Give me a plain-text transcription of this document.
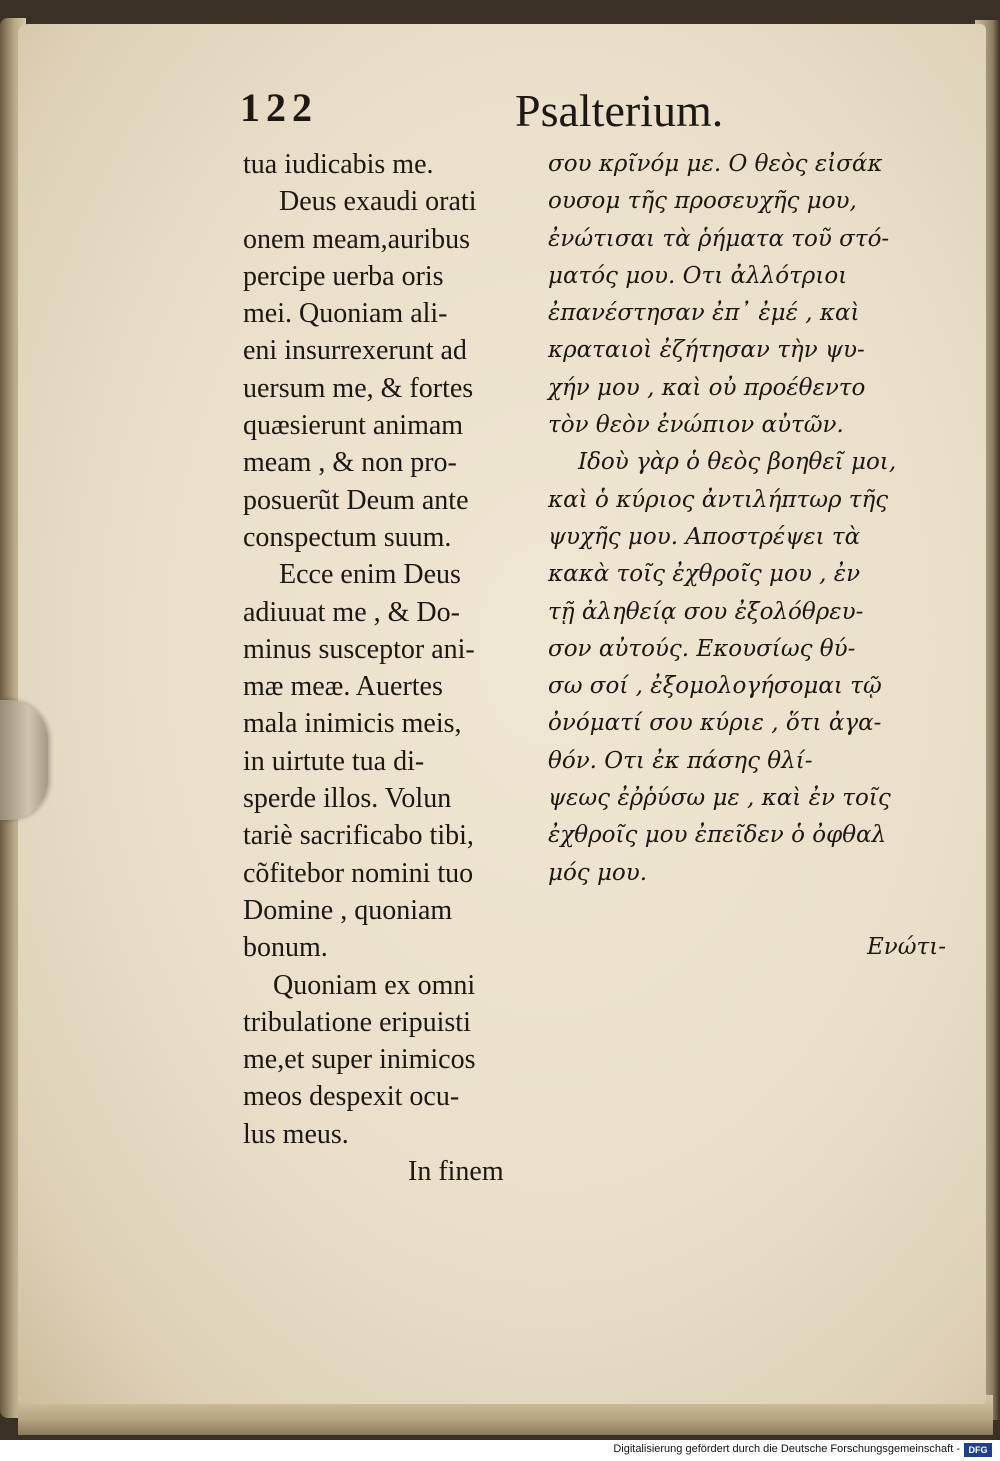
122	Psalterium.
tua iudicabis me.
Deus exaudi orati
onem meam,auribus
percipe uerba oris
mei. Quoniam ali-
eni insurrexerunt ad
uersum me, & fortes
quæsierunt animam
meam , & non pro-
posuerũt Deum ante
conspectum suum.
Ecce enim Deus
adiuuat me , & Do-
minus susceptor ani-
mæ meæ. Auertes
mala inimicis meis,
in uirtute tua di-
sperde illos. Volun
tariè sacrificabo tibi,
cõfitebor nomini tuo
Domine , quoniam
bonum.
Quoniam ex omni
tribulatione eripuisti
me,et super inimicos
meos despexit ocu-
lus meus.
In finem
σου κρῖνόμ με. Ο θεὸς εἰσάκ
ουσομ τῆς προσευχῆς μου,
ἐνώτισαι τὰ ῥήματα τοῦ στό-
ματός μου. Οτι ἀλλότριοι
ἐπανέστησαν ἐπ᾽ ἐμέ , καὶ
κραταιοὶ ἐζήτησαν τὴν ψυ-
χήν μου , καὶ οὐ προέθεντο
τὸν θεὸν ἐνώπιον αὐτῶν.
Ιδοὺ γὰρ ὁ θεὸς βοηθεῖ μοι,
καὶ ὁ κύριος ἀντιλήπτωρ τῆς
ψυχῆς μου. Αποστρέψει τὰ
κακὰ τοῖς ἐχθροῖς μου , ἐν
τῇ ἀληθείᾳ σου ἐξολόθρευ-
σον αὐτούς. Εκουσίως θύ-
σω σοί , ἐξομολογήσομαι τῷ
ὀνόματί σου κύριε , ὅτι ἀγα-
θόν. Οτι ἐκ πάσης θλί-
ψεως ἐῤῥύσω με , καὶ ἐν τοῖς
ἐχθροῖς μου ἐπεῖδεν ὁ ὀφθαλ
μός μου.
Ενώτι-
Digitalisierung gefördert durch die Deutsche Forschungsgemeinschaft - DFG
